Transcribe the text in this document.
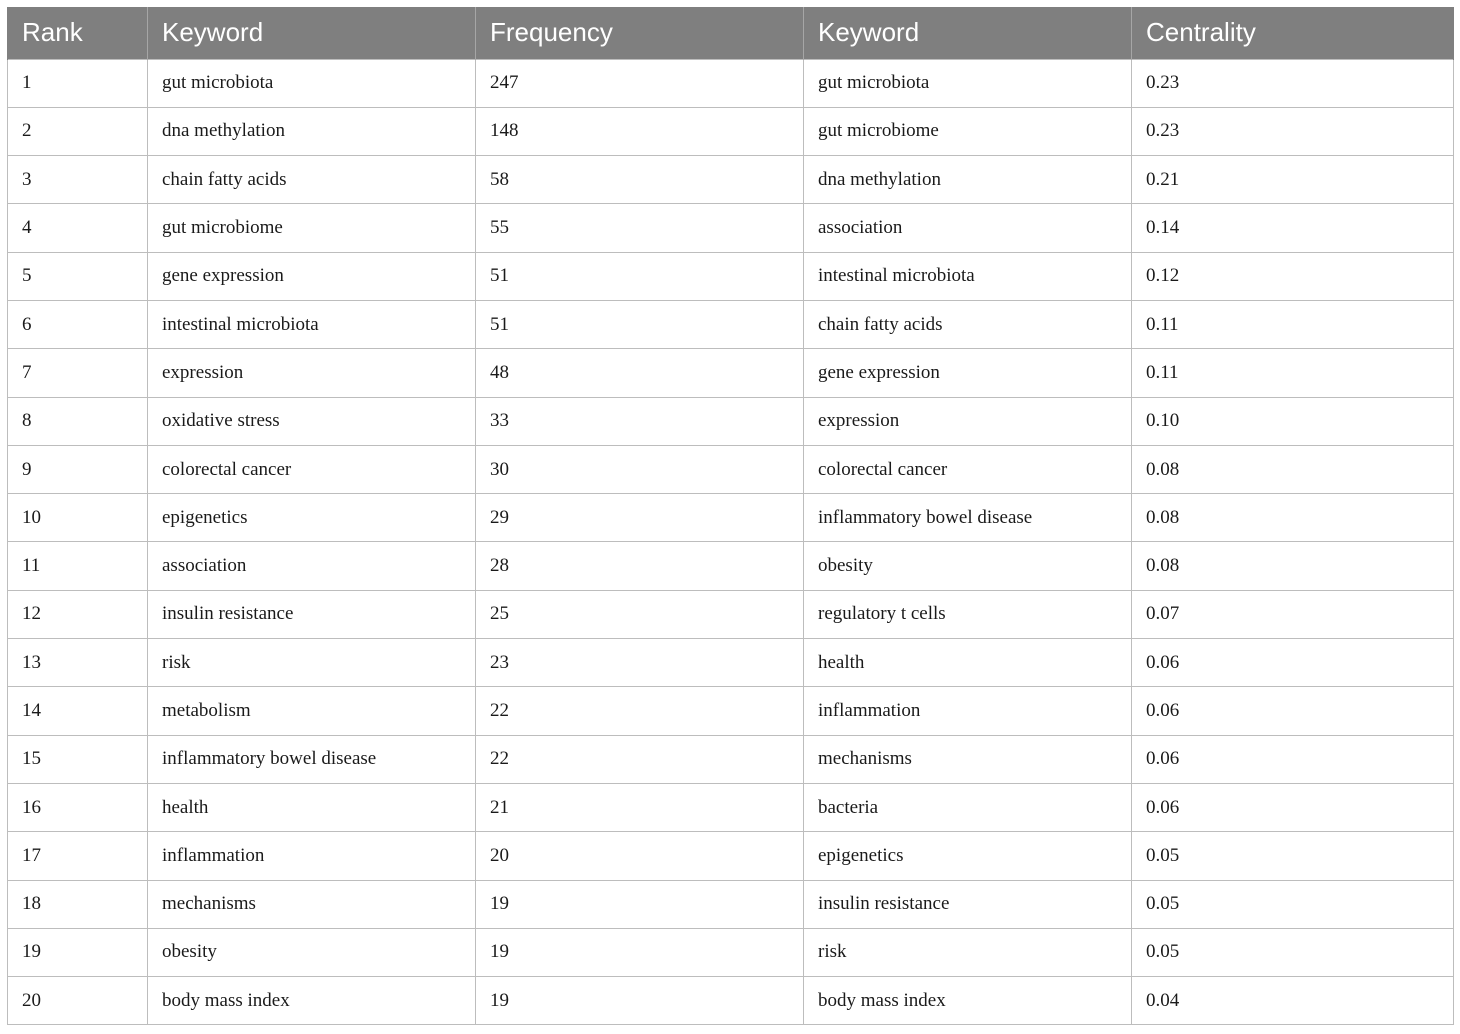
Rank	Keyword	Frequency	Keyword	Centrality
1	gut microbiota	247	gut microbiota	0.23
2	dna methylation	148	gut microbiome	0.23
3	chain fatty acids	58	dna methylation	0.21
4	gut microbiome	55	association	0.14
5	gene expression	51	intestinal microbiota	0.12
6	intestinal microbiota	51	chain fatty acids	0.11
7	expression	48	gene expression	0.11
8	oxidative stress	33	expression	0.10
9	colorectal cancer	30	colorectal cancer	0.08
10	epigenetics	29	inflammatory bowel disease	0.08
11	association	28	obesity	0.08
12	insulin resistance	25	regulatory t cells	0.07
13	risk	23	health	0.06
14	metabolism	22	inflammation	0.06
15	inflammatory bowel disease	22	mechanisms	0.06
16	health	21	bacteria	0.06
17	inflammation	20	epigenetics	0.05
18	mechanisms	19	insulin resistance	0.05
19	obesity	19	risk	0.05
20	body mass index	19	body mass index	0.04
